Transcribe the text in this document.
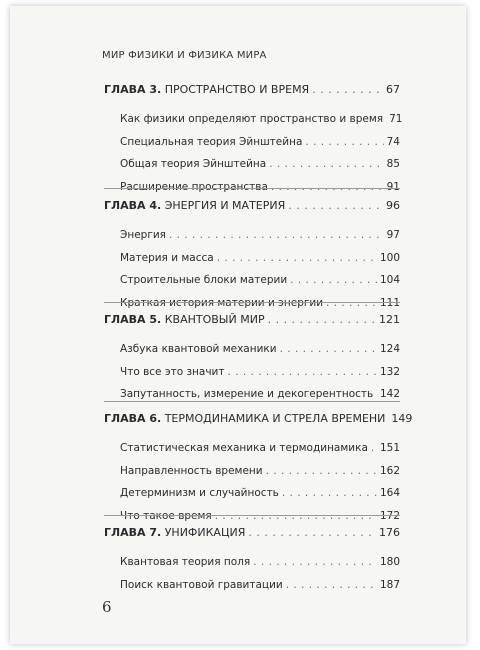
МИР ФИЗИКИ И ФИЗИКА МИРА
ГЛАВА 3. ПРОСТРАНСТВО И ВРЕМЯ . . .	67
Как физики определяют пространство и время 71
Специальная теория Эйнштейна . . .	74
Общая теория Эйнштейна . . .	85
Расширение пространства . . .	91
ГЛАВА 4. ЭНЕРГИЯ И МАТЕРИЯ . . .	96
Энергия . . .	97
Материя и масса . . .	100
Строительные блоки материи . . .	104
Краткая история материи и энергии . . .	111
ГЛАВА 5. КВАНТОВЫЙ МИР . . .	121
Азбука квантовой механики . . .	124
Что все это значит . . .	132
Запутанность, измерение и декогерентность . . . 142
ГЛАВА 6. ТЕРМОДИНАМИКА И СТРЕЛА ВРЕМЕНИ 149
Статистическая механика и термодинамика . . . 151
Направленность времени . . .	162
Детерминизм и случайность . . .	164
Что такое время . . .	172
ГЛАВА 7. УНИФИКАЦИЯ . . .	176
Квантовая теория поля . . .	180
Поиск квантовой гравитации . . .	187
6
